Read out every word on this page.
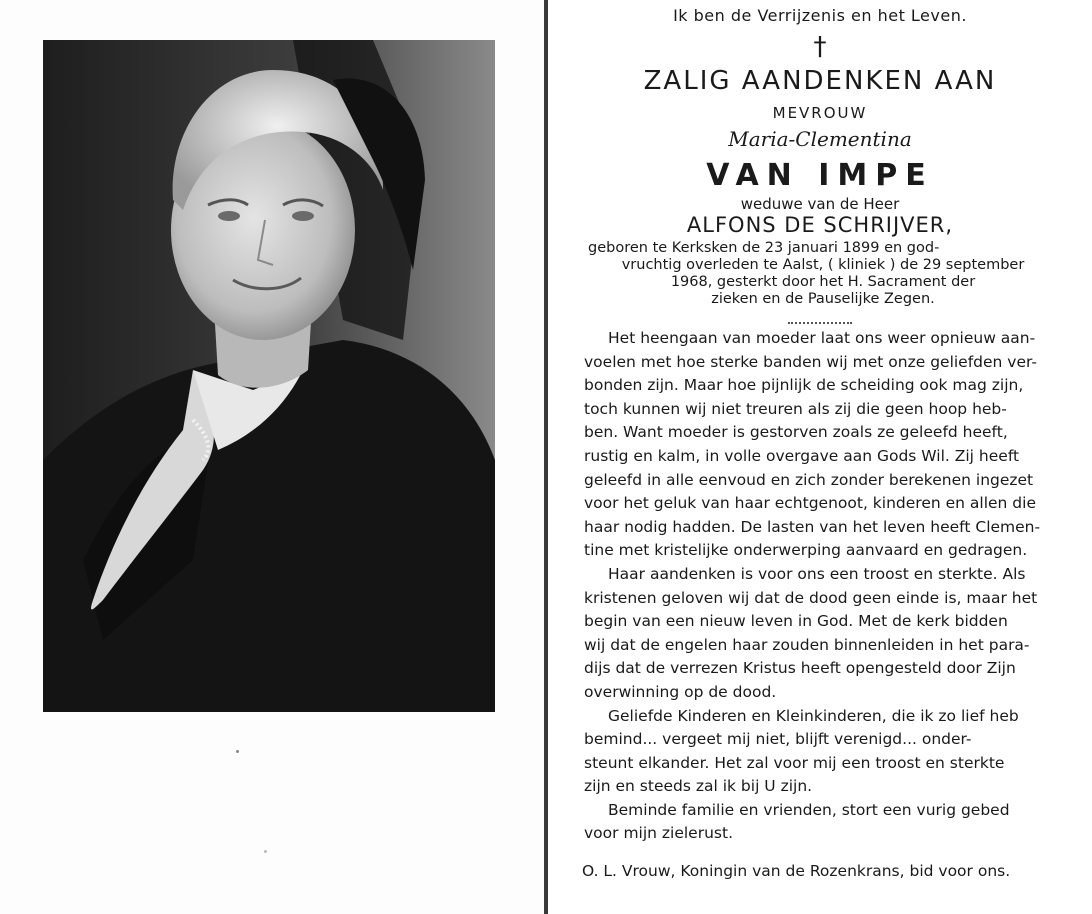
Ik ben de Verrijzenis en het Leven.
†
ZALIG AANDENKEN AAN
MEVROUW
Maria-Clementina
VAN IMPE
weduwe van de Heer
ALFONS DE SCHRIJVER,
geboren te Kerksken de 23 januari 1899 en god-
vruchtig overleden te Aalst, ( kliniek ) de 29 september
1968, gesterkt door het H. Sacrament der
zieken en de Pauselijke Zegen.
Het heengaan van moeder laat ons weer opnieuw aan-
voelen met hoe sterke banden wij met onze geliefden ver-
bonden zijn. Maar hoe pijnlijk de scheiding ook mag zijn,
toch kunnen wij niet treuren als zij die geen hoop heb-
ben. Want moeder is gestorven zoals ze geleefd heeft,
rustig en kalm, in volle overgave aan Gods Wil. Zij heeft
geleefd in alle eenvoud en zich zonder berekenen ingezet
voor het geluk van haar echtgenoot, kinderen en allen die
haar nodig hadden. De lasten van het leven heeft Clemen-
tine met kristelijke onderwerping aanvaard en gedragen.
Haar aandenken is voor ons een troost en sterkte. Als
kristenen geloven wij dat de dood geen einde is, maar het
begin van een nieuw leven in God. Met de kerk bidden
wij dat de engelen haar zouden binnenleiden in het para-
dijs dat de verrezen Kristus heeft opengesteld door Zijn
overwinning op de dood.
Geliefde Kinderen en Kleinkinderen, die ik zo lief heb
bemind... vergeet mij niet, blijft verenigd... onder-
steunt elkander. Het zal voor mij een troost en sterkte
zijn en steeds zal ik bij U zijn.
Beminde familie en vrienden, stort een vurig gebed
voor mijn zielerust.
O. L. Vrouw, Koningin van de Rozenkrans, bid voor ons.
